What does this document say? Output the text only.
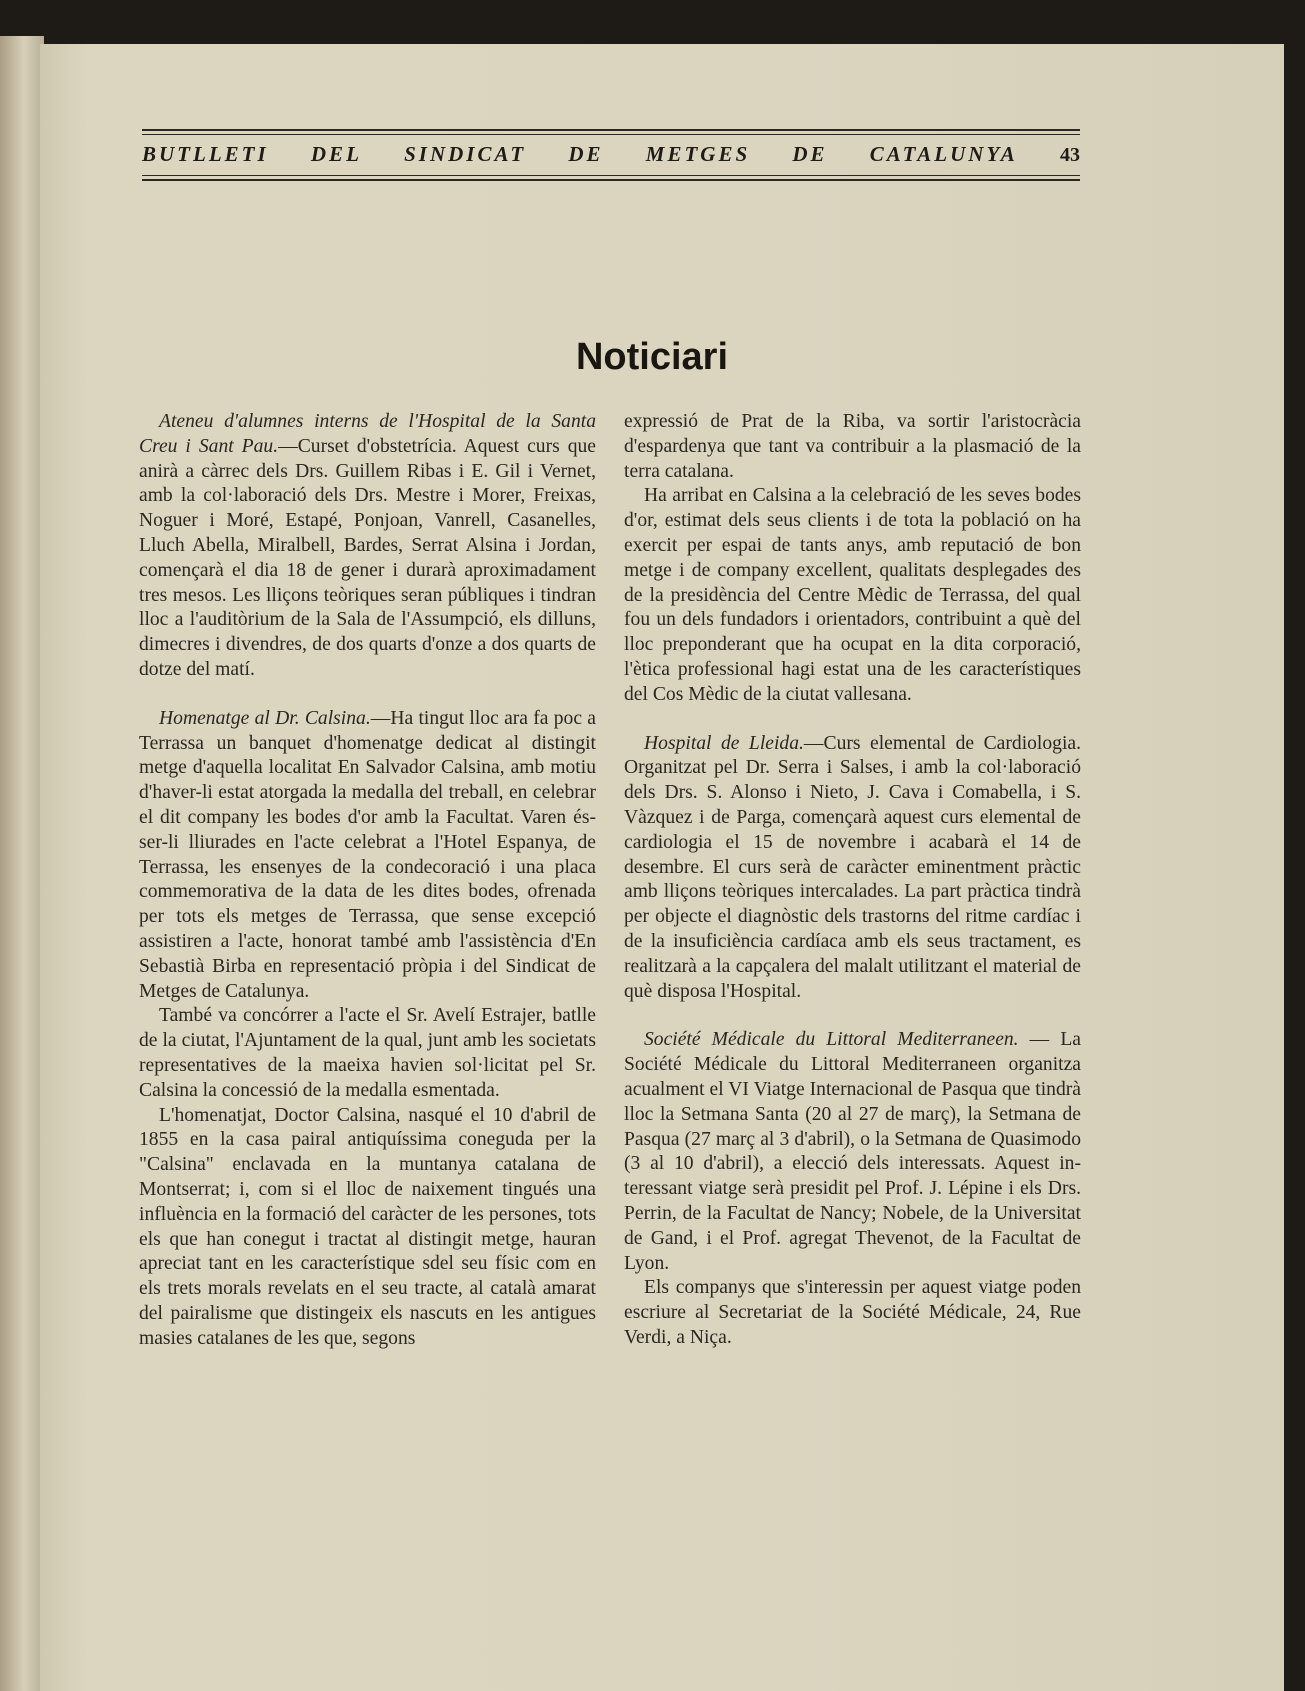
BUTLLETI DEL SINDICAT DE METGES DE CATALUNYA 43
Noticiari

Ateneu d'alumnes interns de l'Hospital de la Santa Creu i Sant Pau.—Curset d'obstetrícia. Aquest curs que anirà a càrrec dels Drs. Guillem Ribas i E. Gil i Vernet, amb la col·laboració dels Drs. Mestre i Morer, Freixas, Noguer i Moré, Estapé, Ponjoan, Vanrell, Casanelles, Lluch Abella, Miralbell, Bardes, Serrat Alsina i Jordan, començarà el dia 18 de gener i durarà aproximadament tres mesos. Les lliçons teòriques seran públiques i tindran lloc a l'auditòrium de la Sala de l'Assumpció, els dilluns, dimecres i divendres, de dos quarts d'onze a dos quarts de dotze del matí.

Homenatge al Dr. Calsina.—Ha tingut lloc ara fa poc a Terrassa un banquet d'homenatge dedicat al distingit metge d'aquella localitat En Salvador Calsina, amb motiu d'haver-li estat atorgada la medalla del treball, en celebrar el dit company les bodes d'or amb la Facultat. Varen ésser-li lliurades en l'acte celebrat a l'Hotel Espanya, de Terrassa, les ensenyes de la condecoració i una placa commemorativa de la data de les dites bodes, ofrenada per tots els metges de Terrassa, que sense excepció assistiren a l'acte, honorat també amb l'assistència d'En Sebastià Birba en representació pròpia i del Sindicat de Metges de Catalunya.

També va concórrer a l'acte el Sr. Avelí Estrajer, batlle de la ciutat, l'Ajuntament de la qual, junt amb les societats representatives de la maeixa havien sol·licitat pel Sr. Calsina la concessió de la medalla esmentada.

L'homenatjat, Doctor Calsina, nasqué el 10 d'abril de 1855 en la casa pairal antiquíssima coneguda per la "Calsina" enclavada en la muntanya catalana de Montserrat; i, com si el lloc de naixement tingués una influència en la formació del caràcter de les persones, tots els que han conegut i tractat al distingit metge, hauran apreciat tant en les característique sdel seu físic com en els trets morals revelats en el seu tracte, al català amarat del pairalisme que distingeix els nascuts en les antigues masies catalanes de les que, segons

expressió de Prat de la Riba, va sortir l'aristocràcia d'espardenya que tant va contribuir a la plasmació de la terra catalana.

Ha arribat en Calsina a la celebració de les seves bodes d'or, estimat dels seus clients i de tota la població on ha exercit per espai de tants anys, amb reputació de bon metge i de company excellent, qualitats desplegades des de la presidència del Centre Mèdic de Terrassa, del qual fou un dels fundadors i orientadors, contribuint a què del lloc preponderant que ha ocupat en la dita corporació, l'ètica professional hagi estat una de les característiques del Cos Mèdic de la ciutat vallesana.

Hospital de Lleida.—Curs elemental de Cardiologia. Organitzat pel Dr. Serra i Salses, i amb la col·laboració dels Drs. S. Alonso i Nieto, J. Cava i Comabella, i S. Vàzquez i de Parga, començarà aquest curs elemental de cardiologia el 15 de novembre i acabarà el 14 de desembre. El curs serà de caràcter eminentment pràctic amb lliçons teòriques intercalades. La part pràctica tindrà per objecte el diagnòstic dels trastorns del ritme cardíac i de la insuficiència cardíaca amb els seus tractament, es realitzarà a la capçalera del malalt utilitzant el material de què disposa l'Hospital.

Société Médicale du Littoral Mediterraneen. — La Société Médicale du Littoral Mediterraneen organitza acualment el VI Viatge Internacional de Pasqua que tindrà lloc la Setmana Santa (20 al 27 de març), la Setmana de Pasqua (27 març al 3 d'abril), o la Setmana de Quasimodo (3 al 10 d'abril), a elecció dels interessats. Aquest interessant viatge serà presidit pel Prof. J. Lépine i els Drs. Perrin, de la Facultat de Nancy; Nobele, de la Universitat de Gand, i el Prof. agregat Thevenot, de la Facultat de Lyon.

Els companys que s'interessin per aquest viatge poden escriure al Secretariat de la Société Médicale, 24, Rue Verdi, a Niça.
